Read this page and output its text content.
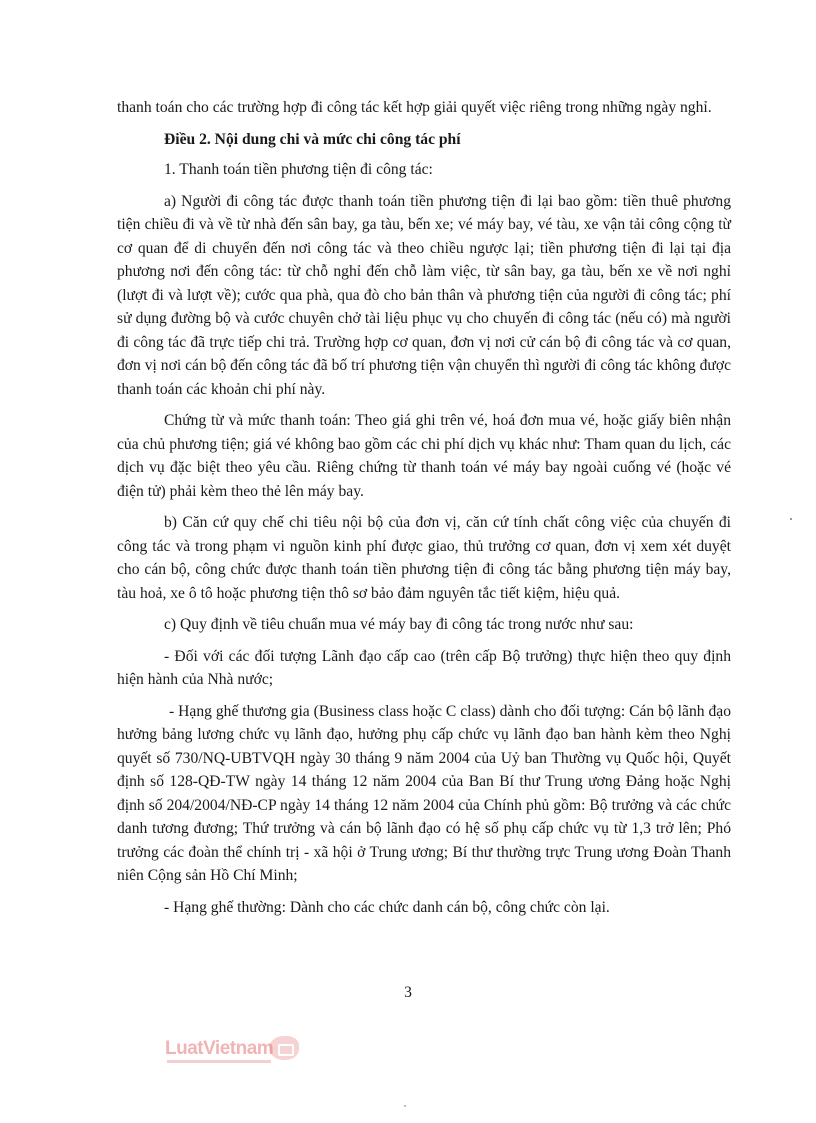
thanh toán cho các trường hợp đi công tác kết hợp giải quyết việc riêng trong những ngày nghỉ.

Điều 2. Nội dung chi và mức chi công tác phí

1. Thanh toán tiền phương tiện đi công tác:

a) Người đi công tác được thanh toán tiền phương tiện đi lại bao gồm: tiền thuê phương tiện chiều đi và về từ nhà đến sân bay, ga tàu, bến xe; vé máy bay, vé tàu, xe vận tải công cộng từ cơ quan để di chuyển đến nơi công tác và theo chiều ngược lại; tiền phương tiện đi lại tại địa phương nơi đến công tác: từ chỗ nghỉ đến chỗ làm việc, từ sân bay, ga tàu, bến xe về nơi nghỉ (lượt đi và lượt về); cước qua phà, qua đò cho bản thân và phương tiện của người đi công tác; phí sử dụng đường bộ và cước chuyên chở tài liệu phục vụ cho chuyến đi công tác (nếu có) mà người đi công tác đã trực tiếp chi trả. Trường hợp cơ quan, đơn vị nơi cử cán bộ đi công tác và cơ quan, đơn vị nơi cán bộ đến công tác đã bố trí phương tiện vận chuyển thì người đi công tác không được thanh toán các khoản chi phí này.

Chứng từ và mức thanh toán: Theo giá ghi trên vé, hoá đơn mua vé, hoặc giấy biên nhận của chủ phương tiện; giá vé không bao gồm các chi phí dịch vụ khác như: Tham quan du lịch, các dịch vụ đặc biệt theo yêu cầu. Riêng chứng từ thanh toán vé máy bay ngoài cuống vé (hoặc vé điện tử) phải kèm theo thẻ lên máy bay.

b) Căn cứ quy chế chi tiêu nội bộ của đơn vị, căn cứ tính chất công việc của chuyến đi công tác và trong phạm vi nguồn kinh phí được giao, thủ trưởng cơ quan, đơn vị xem xét duyệt cho cán bộ, công chức được thanh toán tiền phương tiện đi công tác bằng phương tiện máy bay, tàu hoả, xe ô tô hoặc phương tiện thô sơ bảo đảm nguyên tắc tiết kiệm, hiệu quả.

c) Quy định về tiêu chuẩn mua vé máy bay đi công tác trong nước như sau:

- Đối với các đối tượng Lãnh đạo cấp cao (trên cấp Bộ trưởng) thực hiện theo quy định hiện hành của Nhà nước;

- Hạng ghế thương gia (Business class hoặc C class) dành cho đối tượng: Cán bộ lãnh đạo hưởng bảng lương chức vụ lãnh đạo, hưởng phụ cấp chức vụ lãnh đạo ban hành kèm theo Nghị quyết số 730/NQ-UBTVQH ngày 30 tháng 9 năm 2004 của Uỷ ban Thường vụ Quốc hội, Quyết định số 128-QĐ-TW ngày 14 tháng 12 năm 2004 của Ban Bí thư Trung ương Đảng hoặc Nghị định số 204/2004/NĐ-CP ngày 14 tháng 12 năm 2004 của Chính phủ gồm: Bộ trưởng và các chức danh tương đương; Thứ trưởng và cán bộ lãnh đạo có hệ số phụ cấp chức vụ từ 1,3 trở lên; Phó trưởng các đoàn thể chính trị - xã hội ở Trung ương; Bí thư thường trực Trung ương Đoàn Thanh niên Cộng sản Hồ Chí Minh;

- Hạng ghế thường: Dành cho các chức danh cán bộ, công chức còn lại.

3
LuatVietnam
